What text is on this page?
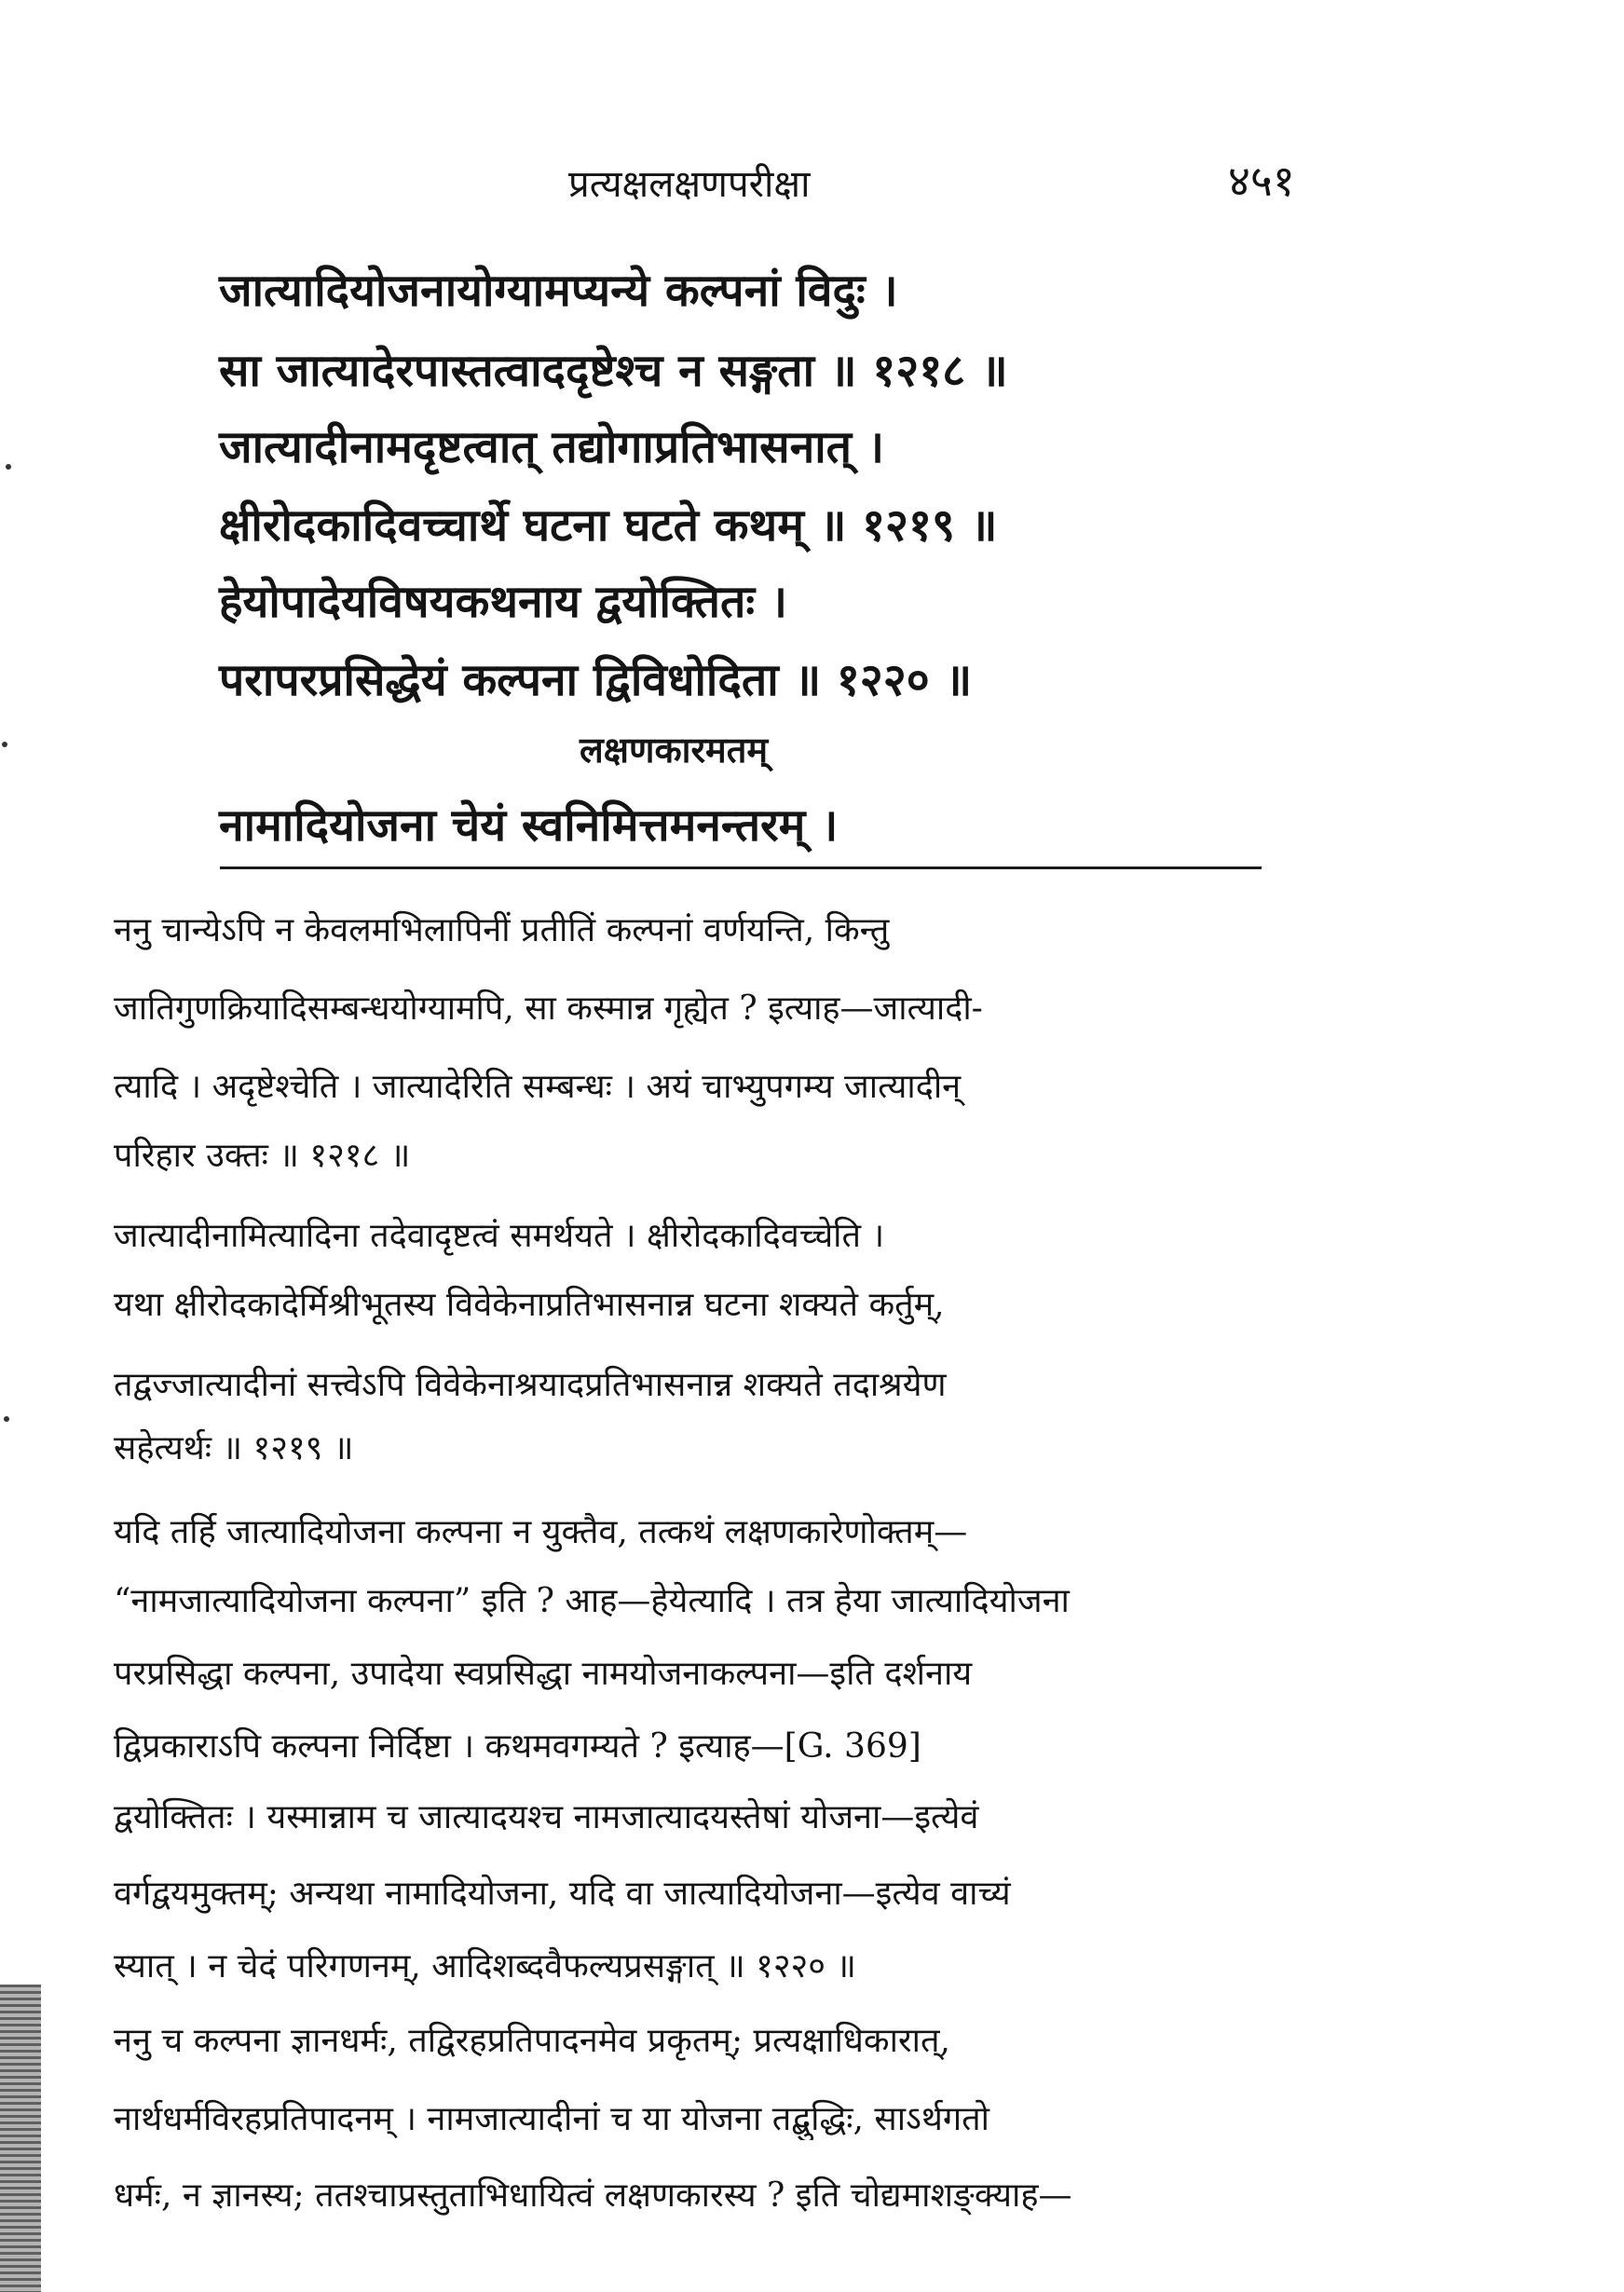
प्रत्यक्षलक्षणपरीक्षा	४५१
जात्यादियोजनायोग्यामप्यन्ये कल्पनां विदुः ।
सा जात्यादेरपास्तत्वाददृष्टेश्च न सङ्गता ॥ १२१८ ॥
जात्यादीनामदृष्टत्वात् तद्योगाप्रतिभासनात् ।
क्षीरोदकादिवच्चार्थे घटना घटते कथम् ॥ १२१९ ॥
हेयोपादेयविषयकथनाय द्वयोक्तितः ।
परापरप्रसिद्धेयं कल्पना द्विविधोदिता ॥ १२२० ॥
लक्षणकारमतम्
नामादियोजना चेयं स्वनिमित्तमनन्तरम् ।
ननु चान्येऽपि न केवलमभिलापिनीं प्रतीतिं कल्पनां वर्णयन्ति, किन्तु
जातिगुणक्रियादिसम्बन्धयोग्यामपि, सा कस्मान्न गृह्येत ? इत्याह—जात्यादी-
त्यादि । अदृष्टेश्चेति । जात्यादेरिति सम्बन्धः । अयं चाभ्युपगम्य जात्यादीन्
परिहार उक्तः ॥ १२१८ ॥
जात्यादीनामित्यादिना तदेवादृष्टत्वं समर्थयते । क्षीरोदकादिवच्चेति ।
यथा क्षीरोदकादेर्मिश्रीभूतस्य विवेकेनाप्रतिभासनान्न घटना शक्यते कर्तुम्,
तद्वज्जात्यादीनां सत्त्वेऽपि विवेकेनाश्रयादप्रतिभासनान्न शक्यते तदाश्रयेण
सहेत्यर्थः ॥ १२१९ ॥
यदि तर्हि जात्यादियोजना कल्पना न युक्तैव, तत्कथं लक्षणकारेणोक्तम्—
“नामजात्यादियोजना कल्पना” इति ? आह—हेयेत्यादि । तत्र हेया जात्यादियोजना
परप्रसिद्धा कल्पना, उपादेया स्वप्रसिद्धा नामयोजनाकल्पना—इति दर्शनाय
द्विप्रकाराऽपि कल्पना निर्दिष्टा । कथमवगम्यते ? इत्याह—[G. 369]
द्वयोक्तितः । यस्मान्नाम च जात्यादयश्च नामजात्यादयस्तेषां योजना—इत्येवं
वर्गद्वयमुक्तम्; अन्यथा नामादियोजना, यदि वा जात्यादियोजना—इत्येव वाच्यं
स्यात् । न चेदं परिगणनम्, आदिशब्दवैफल्यप्रसङ्गात् ॥ १२२० ॥
ननु च कल्पना ज्ञानधर्मः, तद्विरहप्रतिपादनमेव प्रकृतम्; प्रत्यक्षाधिकारात्,
नार्थधर्मविरहप्रतिपादनम् । नामजात्यादीनां च या योजना तद्बुद्धिः, साऽर्थगतो
धर्मः, न ज्ञानस्य; ततश्चाप्रस्तुताभिधायित्वं लक्षणकारस्य ? इति चोद्यमाशङ्क्याह—
